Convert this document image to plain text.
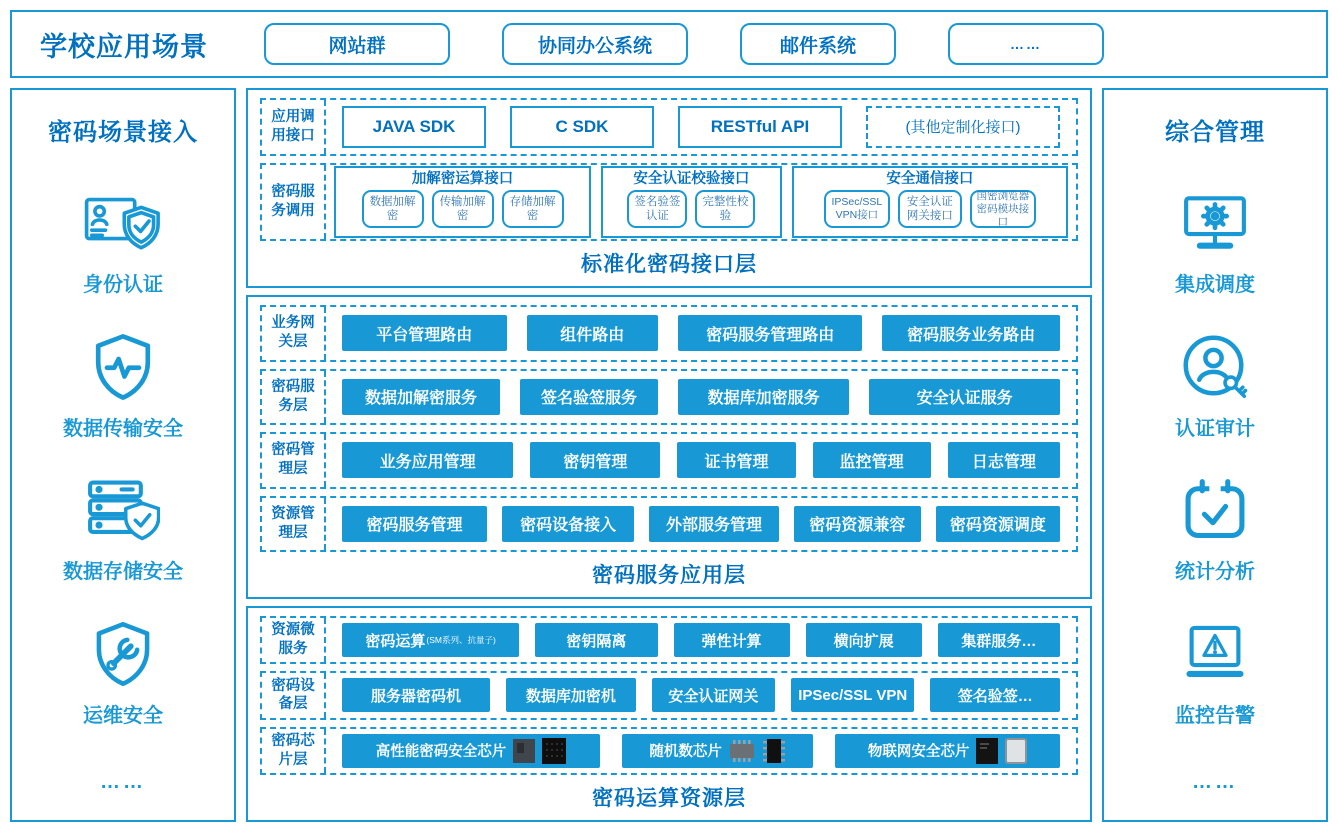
学校应用场景	网站群	协同办公系统	邮件系统	……
密码场景接入
身份认证
数据传输安全
数据存储安全
运维安全
……
综合管理
集成调度
认证审计
统计分析
监控告警
……
应用调用接口	JAVA SDK	C SDK	RESTful API	(其他定制化接口)
密码服务调用
加解密运算接口
数据加解密
传输加解密
存储加解密
安全认证校验接口
签名验签认证
完整性校验
安全通信接口
IPSec/SSL VPN接口
安全认证网关接口
国密浏览器密码模块接口
标准化密码接口层
业务网关层	平台管理路由	组件路由	密码服务管理路由	密码服务业务路由
密码服务层	数据加解密服务	签名验签服务	数据库加密服务	安全认证服务
密码管理层	业务应用管理	密钥管理	证书管理	监控管理	日志管理
资源管理层	密码服务管理	密码设备接入	外部服务管理	密码资源兼容	密码资源调度
密码服务应用层
资源微服务	密码运算 (SM系列、抗量子)	密钥隔离	弹性计算	横向扩展	集群服务…
密码设备层	服务器密码机	数据库加密机	安全认证网关	IPSec/SSL VPN	签名验签…
密码芯片层	高性能密码安全芯片	随机数芯片	物联网安全芯片
密码运算资源层
